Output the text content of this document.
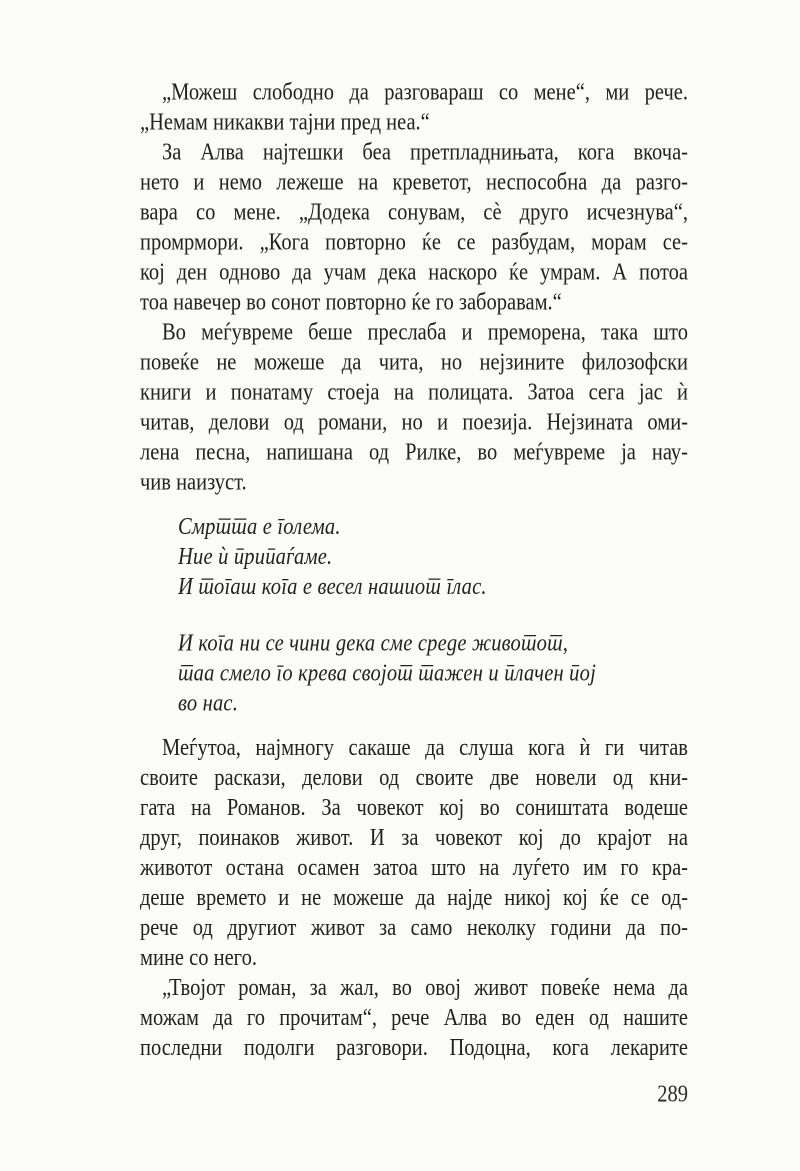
„Можеш слободно да разговараш со мене“, ми рече.
„Немам никакви тајни пред неа.“
За Алва најтешки беа претпладнињата, кога вкоча-
нето и немо лежеше на креветот, неспособна да разго-
вара со мене. „Додека сонувам, сѐ друго исчезнува“,
промрмори. „Кога повторно ќе се разбудам, морам се-
кој ден одново да учам дека наскоро ќе умрам. А потоа
тоа навечер во сонот повторно ќе го заборавам.“
Во меѓувреме беше преслаба и преморена, така што
повеќе не можеше да чита, но нејзините филозофски
книги и понатаму стоеја на полицата. Затоа сега јас ѝ
читав, делови од романи, но и поезија. Нејзината оми-
лена песна, напишана од Рилке, во меѓувреме ја нау-
чив наизуст.
Смртта е голема.
Ние ѝ припаѓаме.
И тогаш кога е весел нашиот глас.
И кога ни се чини дека сме среде животот,
таа смело го крева својот тажен и плачен пој
во нас.
Меѓутоа, најмногу сакаше да слуша кога ѝ ги читав
своите раскази, делови од своите две новели од кни-
гата на Романов. За човекот кој во соништата водеше
друг, поинаков живот. И за човекот кој до крајот на
животот остана осамен затоа што на луѓето им го кра-
деше времето и не можеше да најде никој кој ќе се од-
рече од другиот живот за само неколку години да по-
мине со него.
„Твојот роман, за жал, во овој живот повеќе нема да
можам да го прочитам“, рече Алва во еден од нашите
последни подолги разговори. Подоцна, кога лекарите
289
